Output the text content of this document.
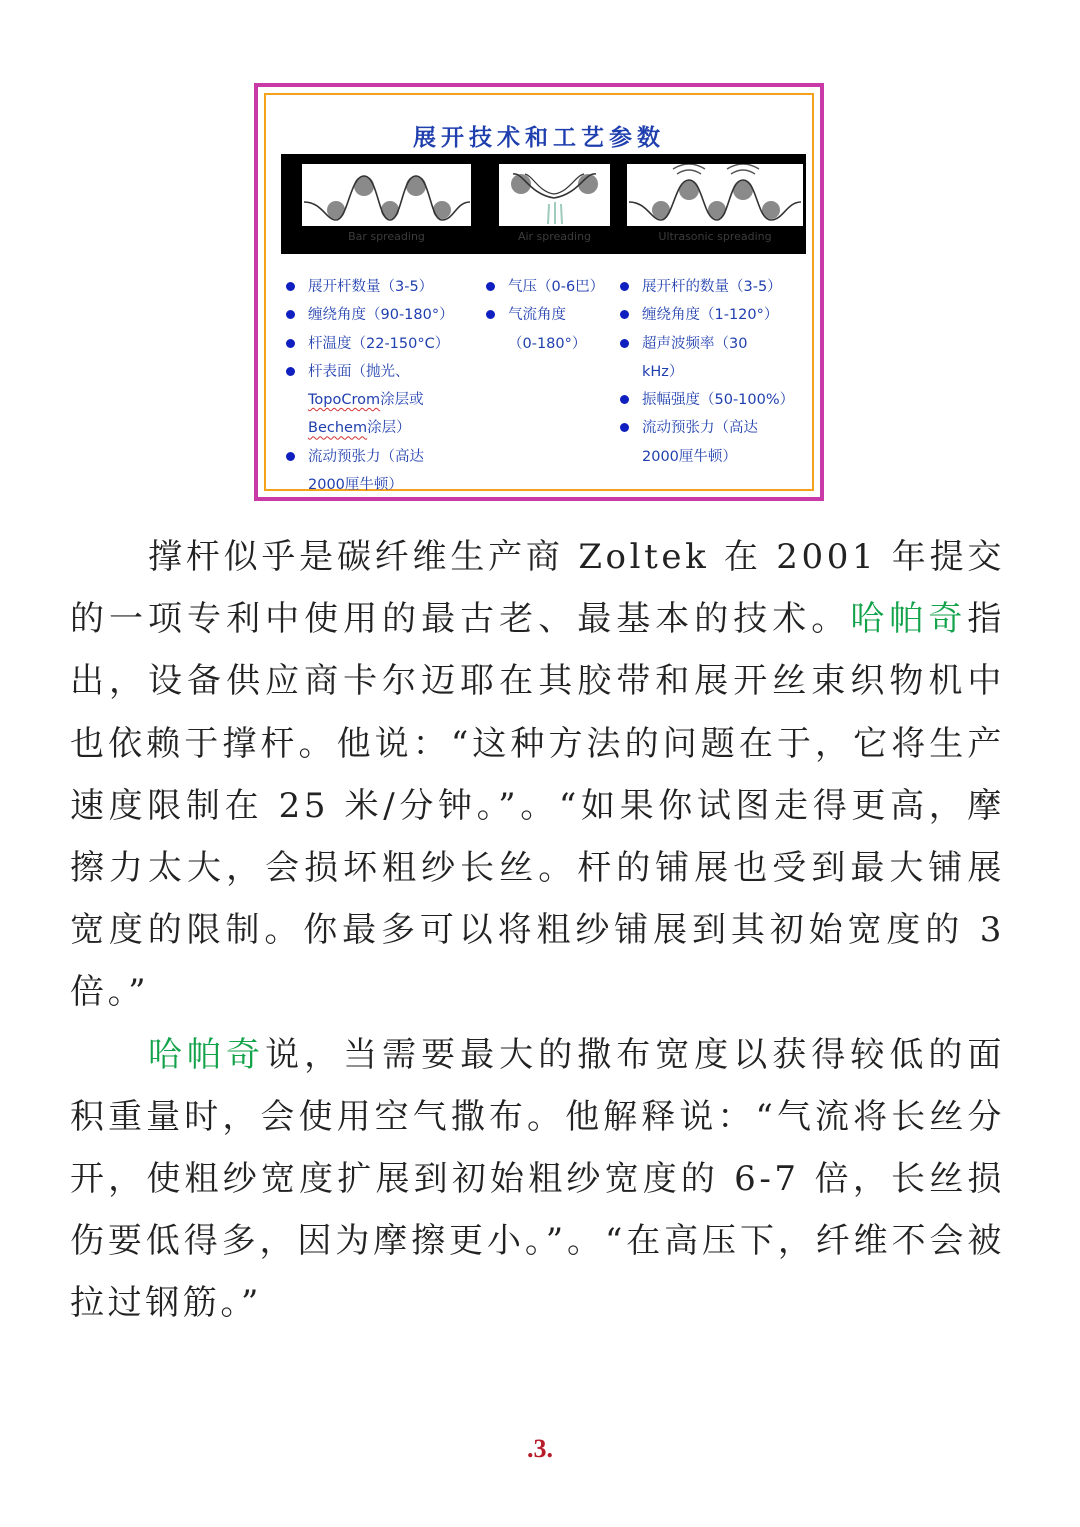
展开技术和工艺参数
Bar spreading	Air spreading	Ultrasonic spreading
展开杆数量（3-5）
缠绕角度（90-180°）
杆温度（22-150°C）
杆表面（抛光、
TopoCrom涂层或
Bechem涂层）
流动预张力（高达
2000厘牛顿）
气压（0-6巴）
气流角度
（0-180°）
展开杆的数量（3-5）
缠绕角度（1-120°）
超声波频率（30
kHz）
振幅强度（50-100%）
流动预张力（高达
2000厘牛顿）

撑杆似乎是碳纤维生产商 Zoltek 在 2001 年提交的一项专利中使用的最古老、最基本的技术。哈帕奇指出，设备供应商卡尔迈耶在其胶带和展开丝束织物机中也依赖于撑杆。他说：“这种方法的问题在于，它将生产速度限制在 25 米/分钟。”。“如果你试图走得更高，摩擦力太大，会损坏粗纱长丝。杆的铺展也受到最大铺展宽度的限制。你最多可以将粗纱铺展到其初始宽度的 3 倍。”

哈帕奇说，当需要最大的撒布宽度以获得较低的面积重量时，会使用空气撒布。他解释说：“气流将长丝分开，使粗纱宽度扩展到初始粗纱宽度的 6-7 倍，长丝损伤要低得多，因为摩擦更小。”。“在高压下，纤维不会被拉过钢筋。”

.3.
